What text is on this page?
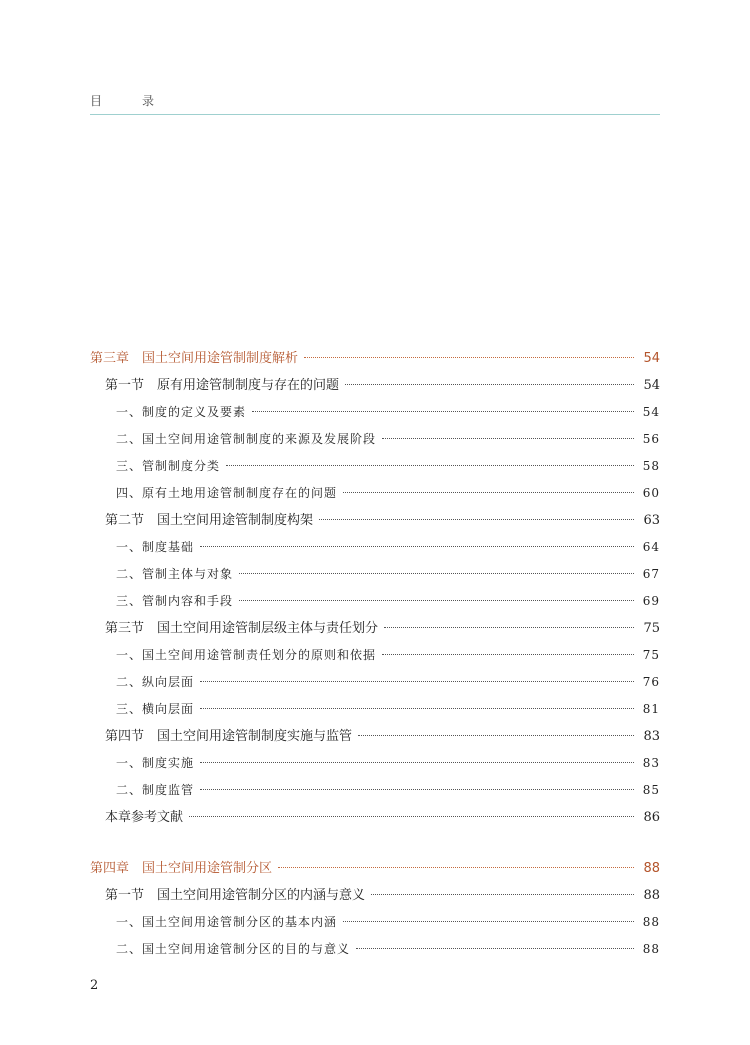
目　录
第三章　国土空间用途管制制度解析	54
第一节　原有用途管制制度与存在的问题	54
一、制度的定义及要素	54
二、国土空间用途管制制度的来源及发展阶段	56
三、管制制度分类	58
四、原有土地用途管制制度存在的问题	60
第二节　国土空间用途管制制度构架	63
一、制度基础	64
二、管制主体与对象	67
三、管制内容和手段	69
第三节　国土空间用途管制层级主体与责任划分	75
一、国土空间用途管制责任划分的原则和依据	75
二、纵向层面	76
三、横向层面	81
第四节　国土空间用途管制制度实施与监管	83
一、制度实施	83
二、制度监管	85
本章参考文献	86
第四章　国土空间用途管制分区	88
第一节　国土空间用途管制分区的内涵与意义	88
一、国土空间用途管制分区的基本内涵	88
二、国土空间用途管制分区的目的与意义	88
2
